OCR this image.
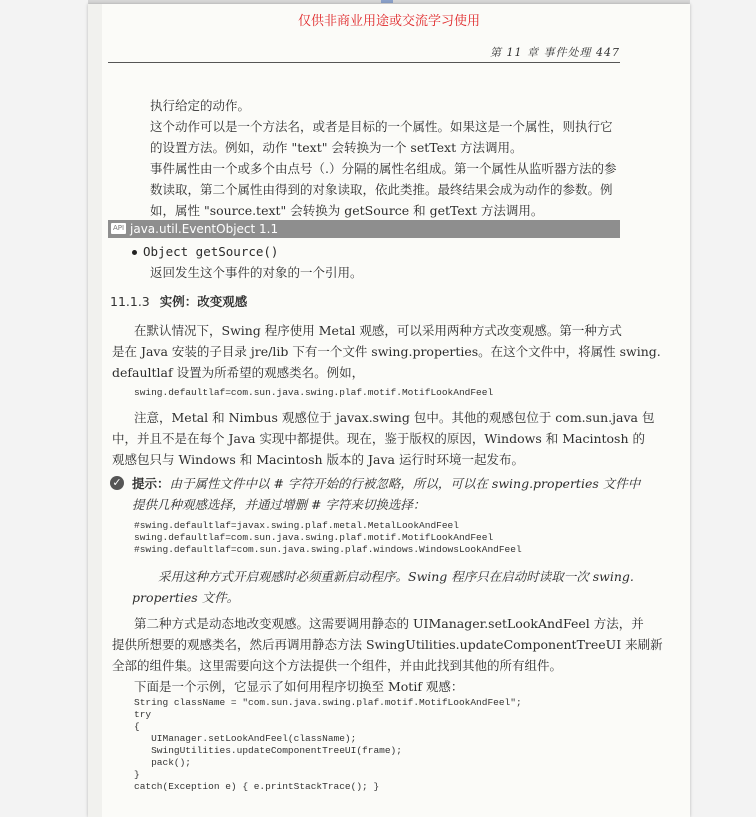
仅供非商业用途或交流学习使用
第 11 章 事件处理 447
执行给定的动作。
这个动作可以是一个方法名，或者是目标的一个属性。如果这是一个属性，则执行它
的设置方法。例如，动作 "text" 会转换为一个 setText 方法调用。
事件属性由一个或多个由点号（.）分隔的属性名组成。第一个属性从监听器方法的参
数读取，第二个属性由得到的对象读取，依此类推。最终结果会成为动作的参数。例
如，属性 "source.text" 会转换为 getSource 和 getText 方法调用。
API java.util.EventObject 1.1
Object getSource()
返回发生这个事件的对象的一个引用。
11.1.3 实例：改变观感
在默认情况下，Swing 程序使用 Metal 观感，可以采用两种方式改变观感。第一种方式
是在 Java 安装的子目录 jre/lib 下有一个文件 swing.properties。在这个文件中，将属性 swing.
defaultlaf 设置为所希望的观感类名。例如，
swing.defaultlaf=com.sun.java.swing.plaf.motif.MotifLookAndFeel
注意，Metal 和 Nimbus 观感位于 javax.swing 包中。其他的观感包位于 com.sun.java 包
中，并且不是在每个 Java 实现中都提供。现在，鉴于版权的原因，Windows 和 Macintosh 的
观感包只与 Windows 和 Macintosh 版本的 Java 运行时环境一起发布。
✓ 提示：由于属性文件中以 # 字符开始的行被忽略，所以，可以在 swing.properties 文件中
提供几种观感选择，并通过增删 # 字符来切换选择：
#swing.defaultlaf=javax.swing.plaf.metal.MetalLookAndFeel
swing.defaultlaf=com.sun.java.swing.plaf.motif.MotifLookAndFeel
#swing.defaultlaf=com.sun.java.swing.plaf.windows.WindowsLookAndFeel
采用这种方式开启观感时必须重新启动程序。Swing 程序只在启动时读取一次 swing.
properties 文件。
第二种方式是动态地改变观感。这需要调用静态的 UIManager.setLookAndFeel 方法，并
提供所想要的观感类名，然后再调用静态方法 SwingUtilities.updateComponentTreeUI 来刷新
全部的组件集。这里需要向这个方法提供一个组件，并由此找到其他的所有组件。
下面是一个示例，它显示了如何用程序切换至 Motif 观感：
String className = "com.sun.java.swing.plaf.motif.MotifLookAndFeel";
try
{
UIManager.setLookAndFeel(className);
SwingUtilities.updateComponentTreeUI(frame);
pack();
}
catch(Exception e) { e.printStackTrace(); }
